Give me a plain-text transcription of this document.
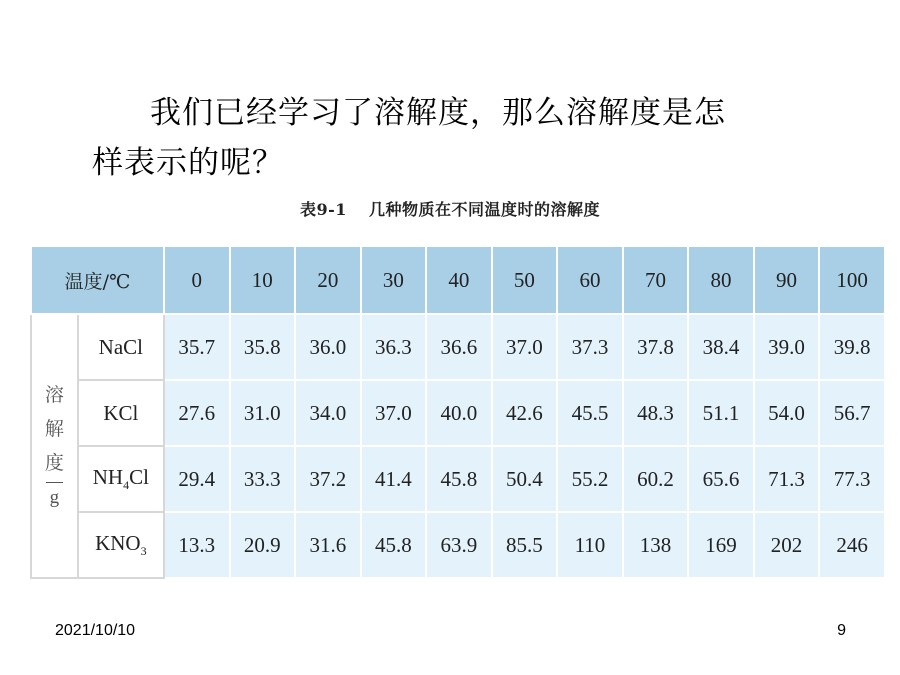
我们已经学习了溶解度，那么溶解度是怎
样表示的呢？
表9-1 几种物质在不同温度时的溶解度
温度/℃		0	10	20	30	40	50	60	70	80	90	100

溶
解
度
g	NaCl	35.7	35.8	36.0	36.3	36.6	37.0	37.3	37.8	38.4	39.0	39.8
	KCl	27.6	31.0	34.0	37.0	40.0	42.6	45.5	48.3	51.1	54.0	56.7
	$NH_4Cl$	29.4	33.3	37.2	41.4	45.8	50.4	55.2	60.2	65.6	71.3	77.3
	$KNO_3$	13.3	20.9	31.6	45.8	63.9	85.5	110	138	169	202	246
2021/10/10	9
